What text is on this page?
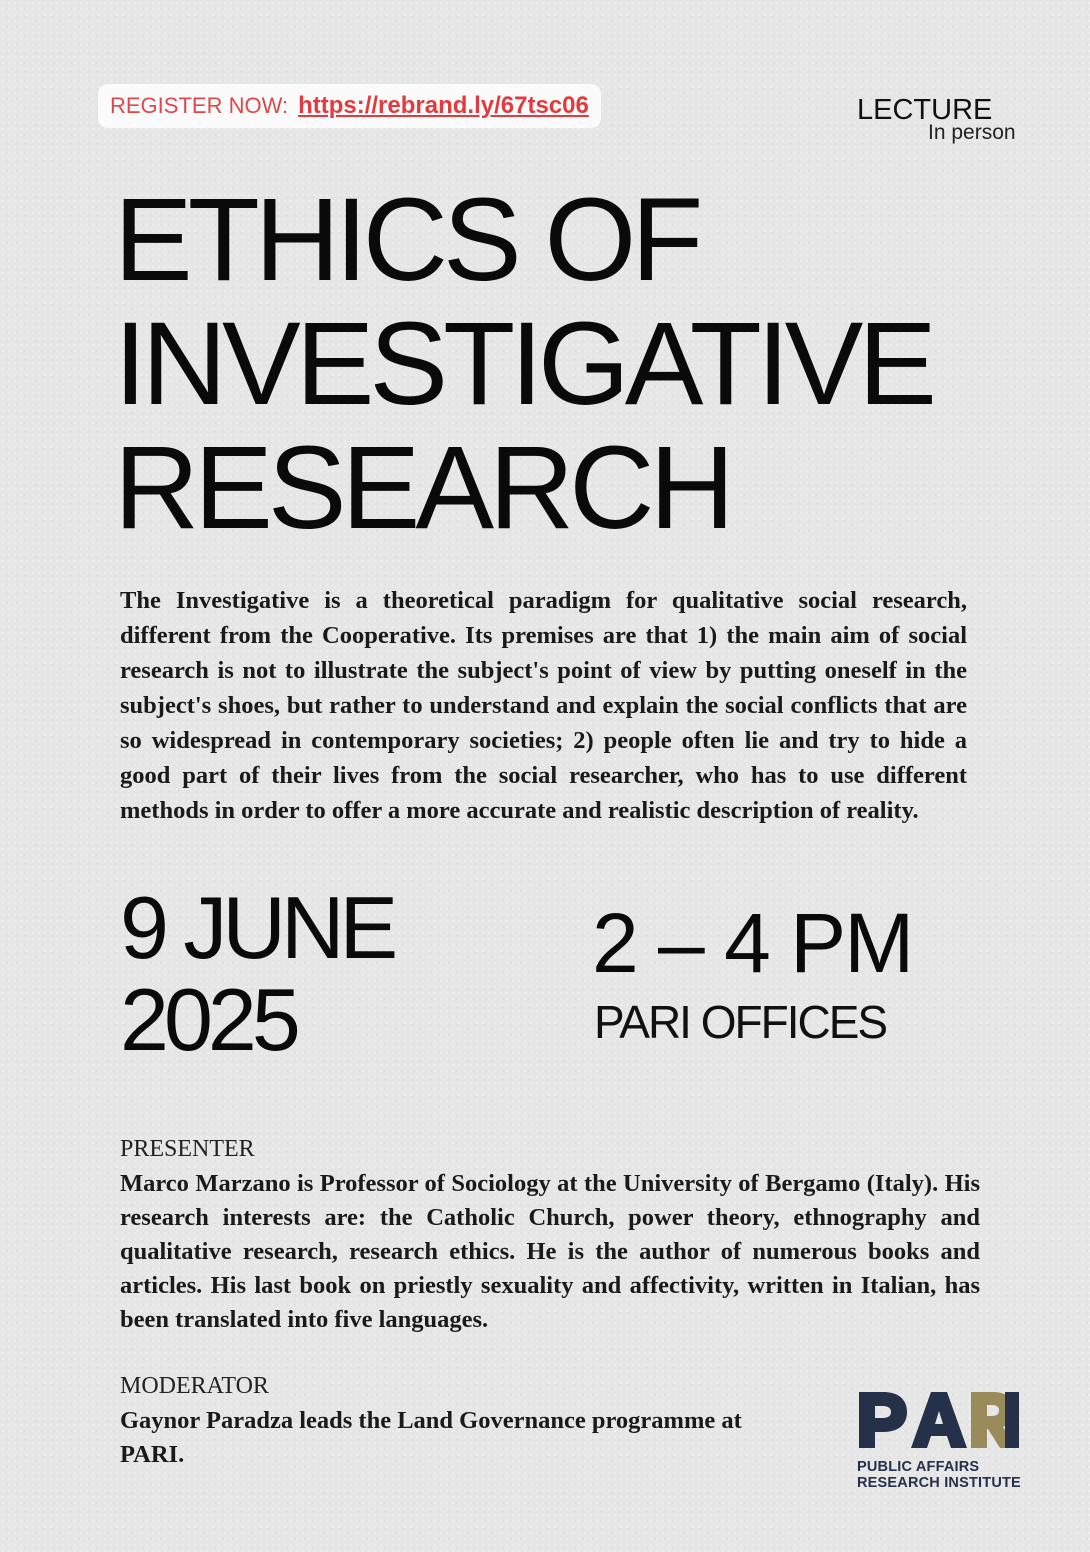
REGISTER NOW: https://rebrand.ly/67tsc06	LECTURE
In person
ETHICS OF
INVESTIGATIVE
RESEARCH
The Investigative is a theoretical paradigm for qualitative social research, different from the Cooperative. Its premises are that 1) the main aim of social research is not to illustrate the subject's point of view by putting oneself in the subject's shoes, but rather to understand and explain the social conflicts that are so widespread in contemporary societies; 2) people often lie and try to hide a good part of their lives from the social researcher, who has to use different methods in order to offer a more accurate and realistic description of reality.
9 JUNE
2025
2 – 4 PM
PARI OFFICES
PRESENTER
Marco Marzano is Professor of Sociology at the University of Bergamo (Italy). His research interests are: the Catholic Church, power theory, ethnography and qualitative research, research ethics. He is the author of numerous books and articles. His last book on priestly sexuality and affectivity, written in Italian, has been translated into five languages.
MODERATOR
Gaynor Paradza leads the Land Governance programme at PARI.	PUBLIC AFFAIRS
RESEARCH INSTITUTE
